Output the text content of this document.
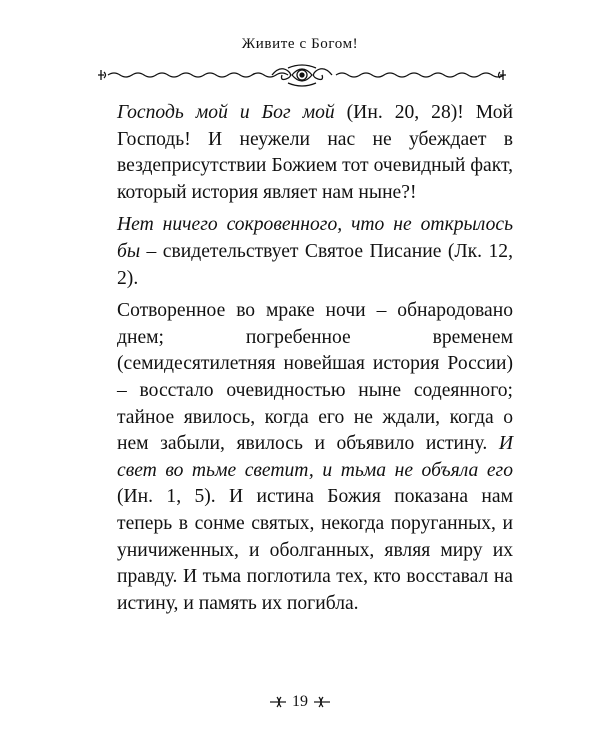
Живите с Богом!

Господь мой и Бог мой (Ин. 20, 28)! Мой Господь! И неужели нас не убеждает в вездеприсутствии Божием тот очевидный факт, который история являет нам ныне?!

Нет ничего сокровенного, что не открылось бы – свидетельствует Святое Писание (Лк. 12, 2).

Сотворенное во мраке ночи – обнародовано днем; погребенное временем (семидесятилетняя новейшая история России) – восстало очевидностью ныне содеянного; тайное явилось, когда его не ждали, когда о нем забыли, явилось и объявило истину. И свет во тьме светит, и тьма не объяла его (Ин. 1, 5). И истина Божия показана нам теперь в сонме святых, некогда поруганных, и уничиженных, и оболганных, являя миру их правду. И тьма поглотила тех, кто восставал на истину, и память их погибла.

19
